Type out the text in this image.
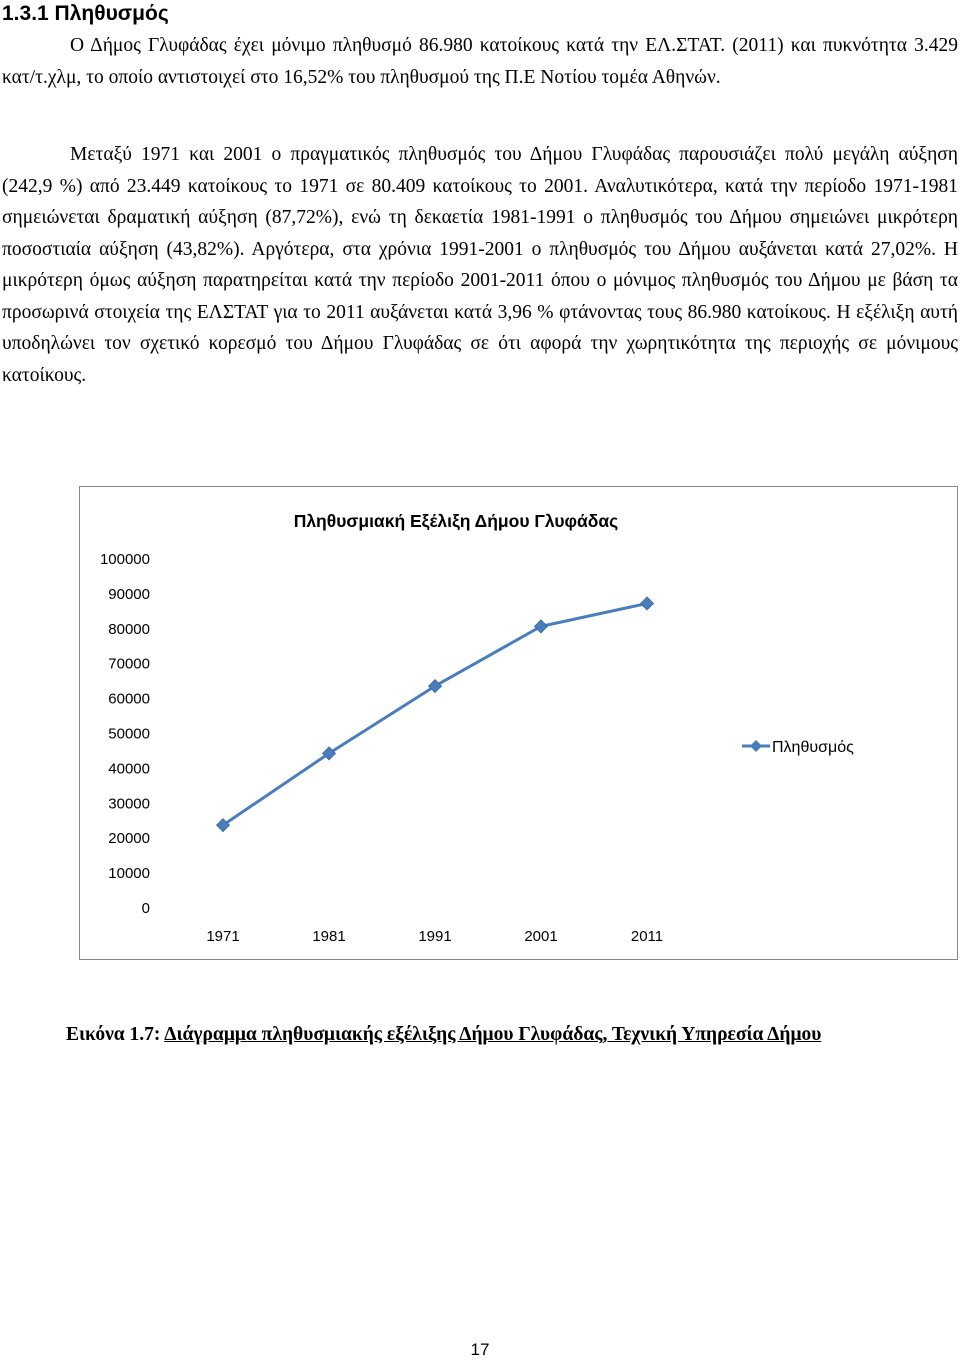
1.3.1 Πληθυσμός

Ο Δήμος Γλυφάδας έχει μόνιμο πληθυσμό 86.980 κατοίκους κατά την ΕΛ.ΣΤΑΤ. (2011) και πυκνότητα 3.429 κατ/τ.χλμ, το οποίο αντιστοιχεί στο 16,52% του πληθυσμού της Π.Ε Νοτίου τομέα Αθηνών.

Μεταξύ 1971 και 2001 ο πραγματικός πληθυσμός του Δήμου Γλυφάδας παρουσιάζει πολύ μεγάλη αύξηση (242,9 %) από 23.449 κατοίκους το 1971 σε 80.409 κατοίκους το 2001. Αναλυτικότερα, κατά την περίοδο 1971-1981 σημειώνεται δραματική αύξηση (87,72%), ενώ τη δεκαετία 1981-1991 ο πληθυσμός του Δήμου σημειώνει μικρότερη ποσοστιαία αύξηση (43,82%). Αργότερα, στα χρόνια 1991-2001 ο πληθυσμός του Δήμου αυξάνεται κατά 27,02%. Η μικρότερη όμως αύξηση παρατηρείται κατά την περίοδο 2001-2011 όπου ο μόνιμος πληθυσμός του Δήμου με βάση τα προσωρινά στοιχεία της ΕΛΣΤΑΤ για το 2011 αυξάνεται κατά 3,96 % φτάνοντας τους 86.980 κατοίκους. Η εξέλιξη αυτή υποδηλώνει τον σχετικό κορεσμό του Δήμου Γλυφάδας σε ότι αφορά την χωρητικότητα της περιοχής σε μόνιμους κατοίκους.

Πληθυσμιακή Εξέλιξη Δήμου Γλυφάδας
0
10000
20000
30000
40000
50000
60000
70000
80000
90000
100000
1971	1981	1991	2001	2011
Πληθυσμός

Εικόνα 1.7: Διάγραμμα πληθυσμιακής εξέλιξης Δήμου Γλυφάδας, Τεχνική Υπηρεσία Δήμου

17
